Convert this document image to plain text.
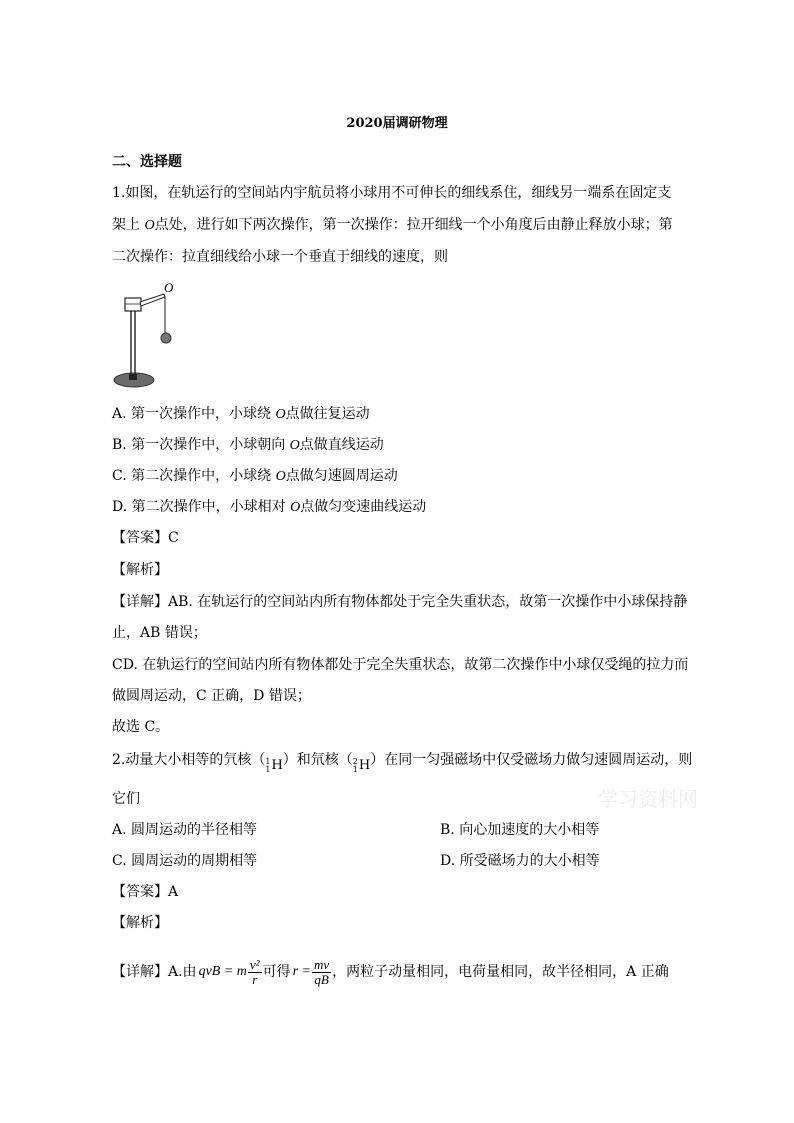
2020届调研物理
二、选择题
1.如图，在轨运行的空间站内宇航员将小球用不可伸长的细线系住，细线另一端系在固定支
架上 O点处，进行如下两次操作，第一次操作：拉开细线一个小角度后由静止释放小球；第
二次操作：拉直细线给小球一个垂直于细线的速度，则
O
A. 第一次操作中，小球绕 O点做往复运动
B. 第一次操作中，小球朝向 O点做直线运动
C. 第二次操作中，小球绕 O点做匀速圆周运动
D. 第二次操作中，小球相对 O点做匀变速曲线运动
【答案】C
【解析】
【详解】AB. 在轨运行的空间站内所有物体都处于完全失重状态，故第一次操作中小球保持静
止，AB 错误；
CD. 在轨运行的空间站内所有物体都处于完全失重状态，故第二次操作中小球仅受绳的拉力而
做圆周运动，C 正确，D 错误；
故选 C。
2.动量大小相等的氕核（ 1
1 H ）和氘核（ 2
1 H ）在同一匀强磁场中仅受磁场力做匀速圆周运动，则
它们	学习资料网
A. 圆周运动的半径相等	B. 向心加速度的大小相等
C. 圆周运动的周期相等	D. 所受磁场力的大小相等
【答案】A
【解析】
【详解】A.由 qvB = m $\frac{\text{v²}}{r}$ 可得 $r = \frac{mv}{qB}$ ，两粒子动量相同，电荷量相同，故半径相同，A 正确
